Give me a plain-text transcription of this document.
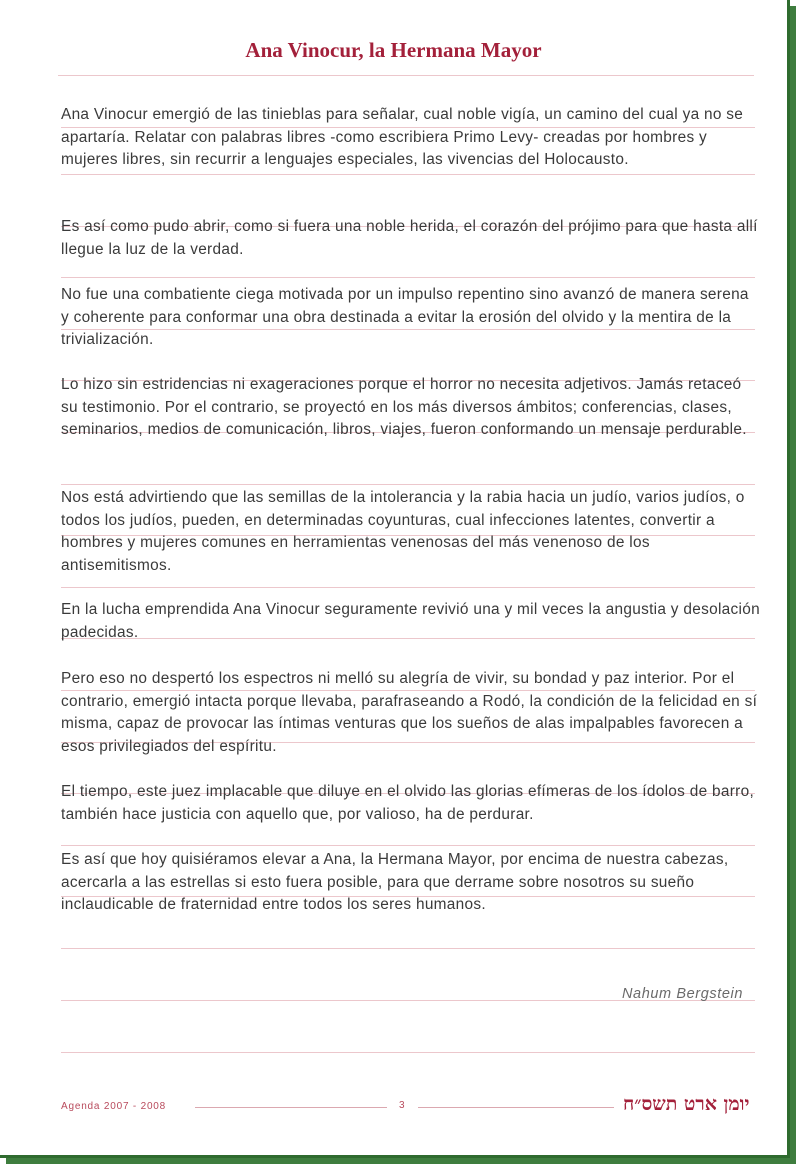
Ana Vinocur, la Hermana Mayor
Ana Vinocur emergió de las tinieblas para señalar, cual noble vigía, un camino del cual ya no se apartaría. Relatar con palabras libres -como escribiera Primo Levy- creadas por hombres y mujeres libres, sin recurrir a lenguajes especiales, las vivencias del Holocausto.
Es así como pudo abrir, como si fuera una noble herida, el corazón del prójimo para que hasta allí llegue la luz de la verdad.
No fue una combatiente ciega motivada por un impulso repentino sino avanzó de manera serena y coherente para conformar una obra destinada a evitar la erosión del olvido y la mentira de la trivialización.
Lo hizo sin estridencias ni exageraciones porque el horror no necesita adjetivos. Jamás retaceó su testimonio. Por el contrario, se proyectó en los más diversos ámbitos; conferencias, clases, seminarios, medios de comunicación, libros, viajes, fueron conformando un mensaje perdurable.
Nos está advirtiendo que las semillas de la intolerancia y la rabia hacia un judío, varios judíos, o todos los judíos, pueden, en determinadas coyunturas, cual infecciones latentes, convertir a hombres y mujeres comunes en herramientas venenosas del más venenoso de los antisemitismos.
En la lucha emprendida Ana Vinocur seguramente revivió una y mil veces la angustia y desolación padecidas.
Pero eso no despertó los espectros ni melló su alegría de vivir, su bondad y paz interior. Por el contrario, emergió intacta porque llevaba, parafraseando a Rodó, la condición de la felicidad en sí misma, capaz de provocar las íntimas venturas que los sueños de alas impalpables favorecen a esos privilegiados del espíritu.
El tiempo, este juez implacable que diluye en el olvido las glorias efímeras de los ídolos de barro, también hace justicia con aquello que, por valioso, ha de perdurar.
Es así que hoy quisiéramos elevar a Ana, la Hermana Mayor, por encima de nuestra cabezas, acercarla a las estrellas si esto fuera posible, para que derrame sobre nosotros su sueño inclaudicable de fraternidad entre todos los seres humanos.
Nahum Bergstein
Agenda 2007 - 2008	3	יומן ארט תשס״ח
